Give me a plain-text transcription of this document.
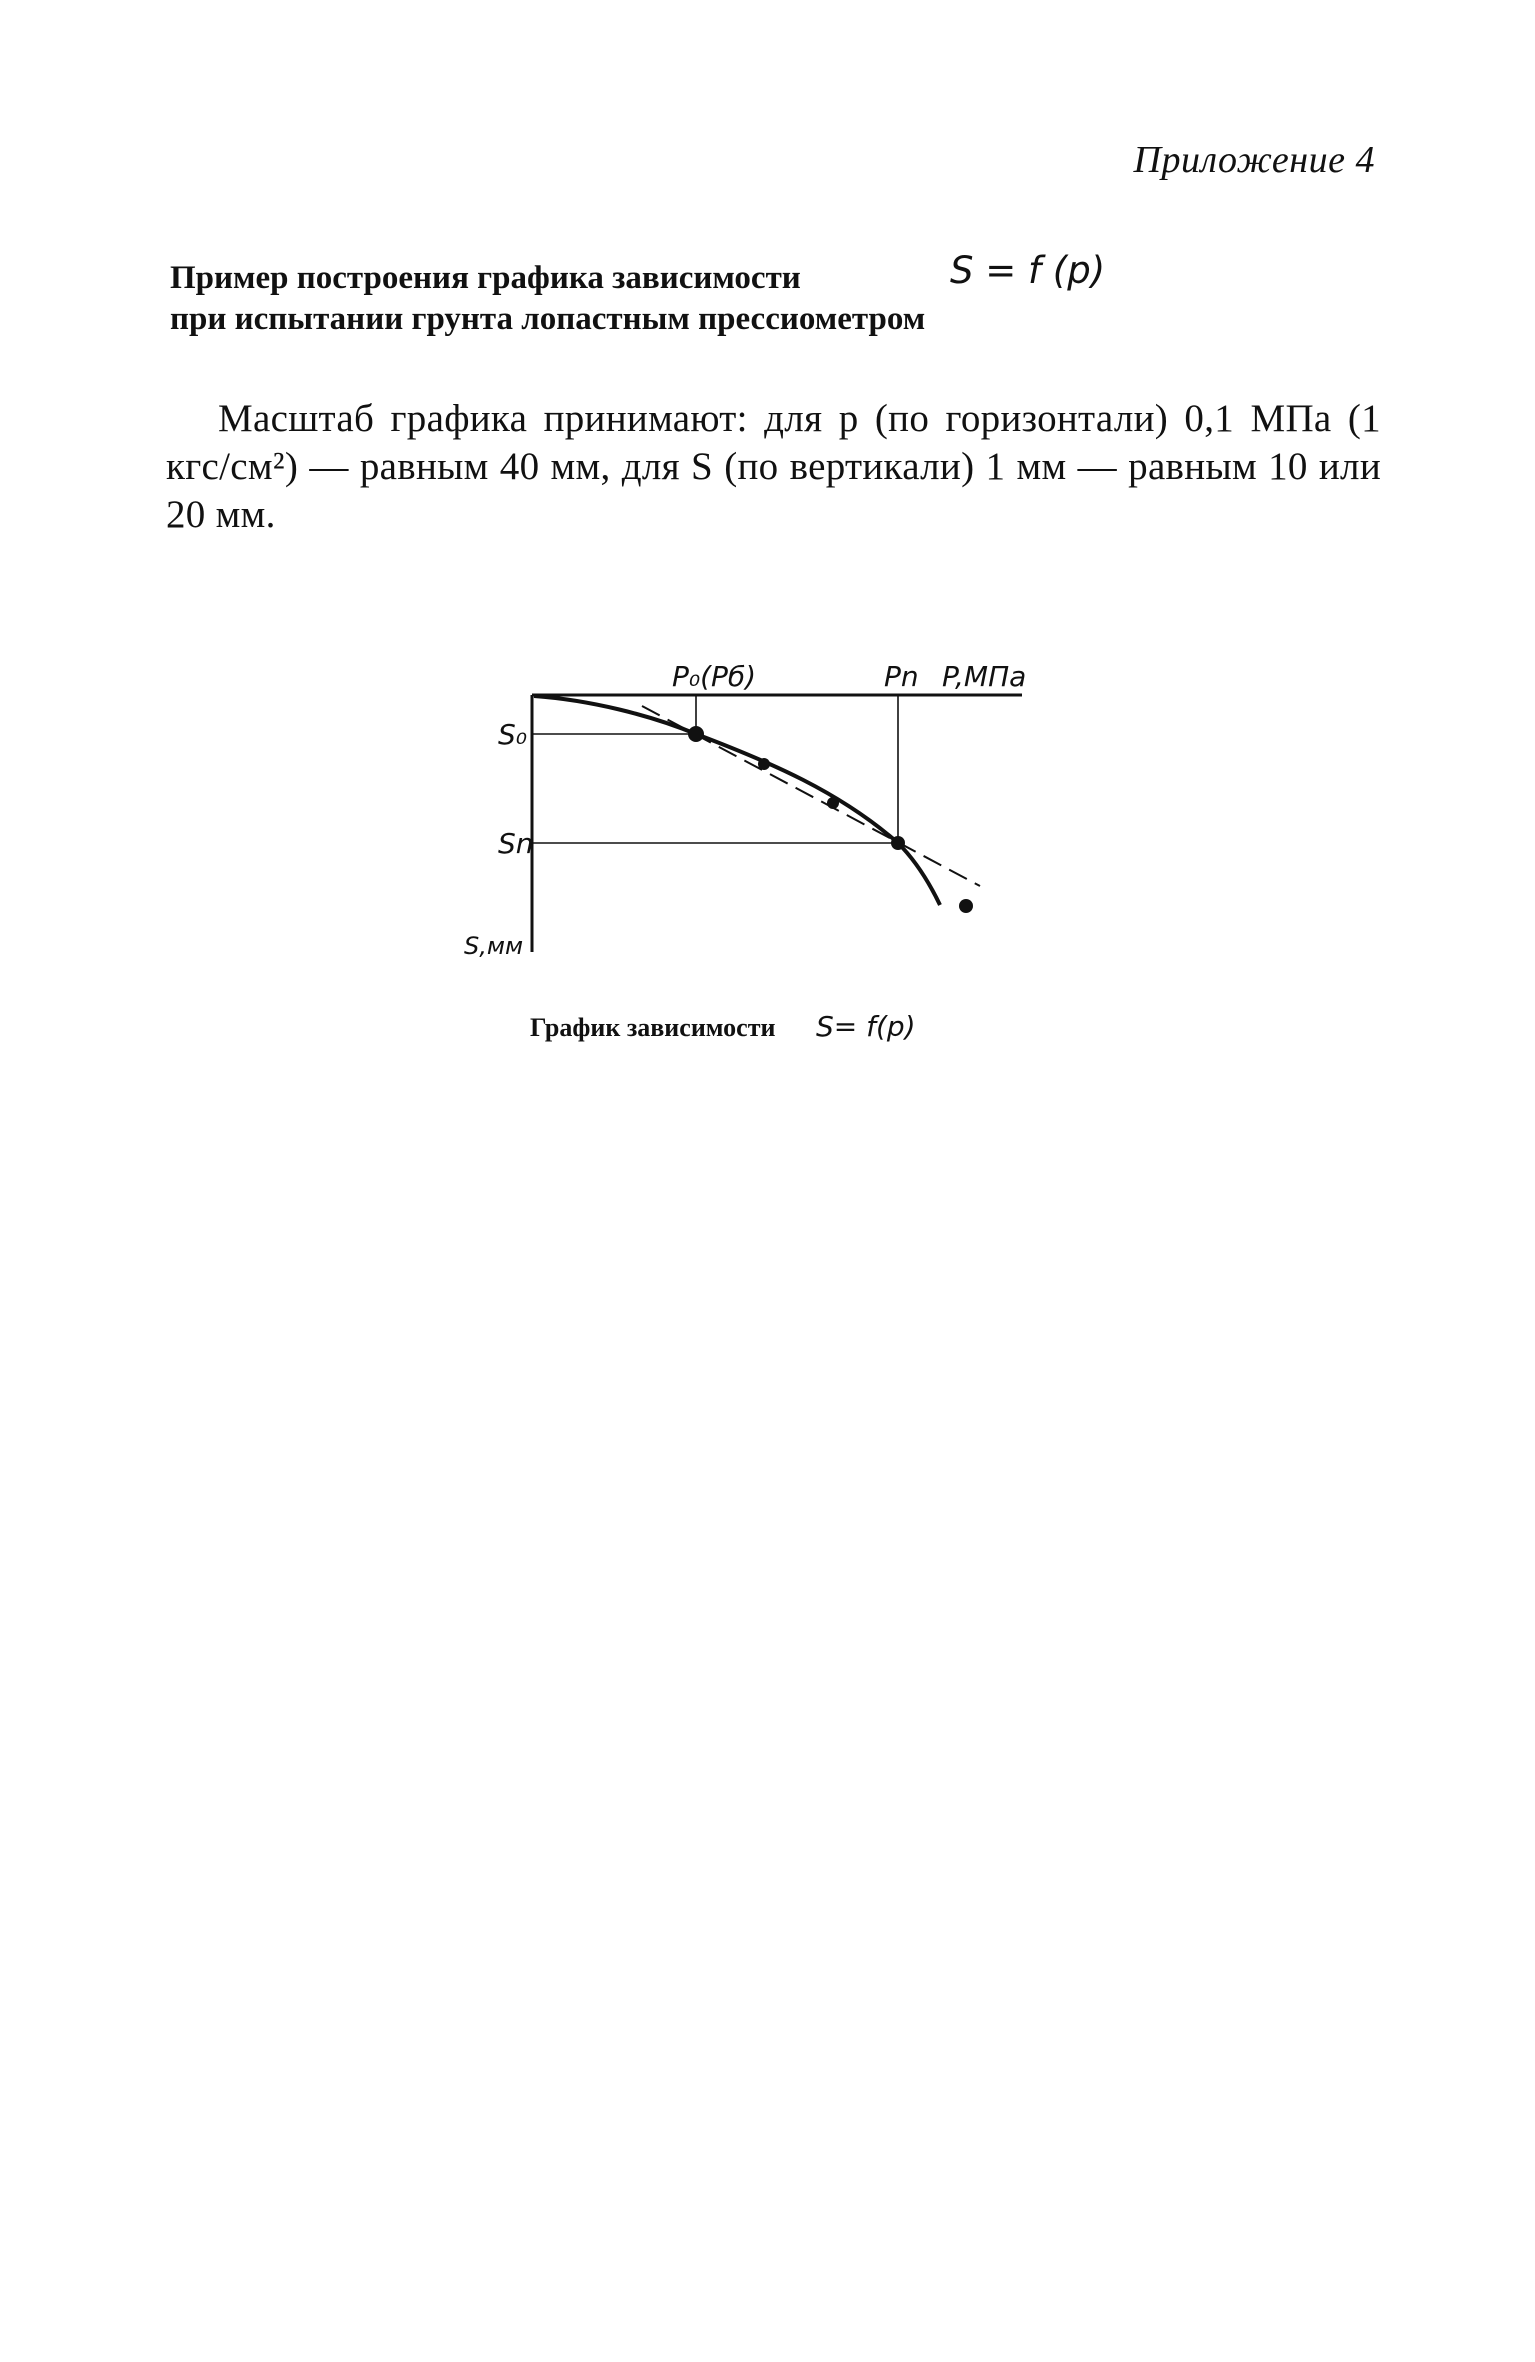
Приложение 4
Пример построения графика зависимости	S = f (p)
при испытании грунта лопастным прессиометром

Масштаб графика принимают: для p (по горизонтали) 0,1 МПа (1 кгс/см²) — равным 40 мм, для S (по вертикали) 1 мм — равным 10 или 20 мм.

P₀(Pб)	Pn P,МПа
S₀
Sn
S,мм
График зависимости S= f(p)
